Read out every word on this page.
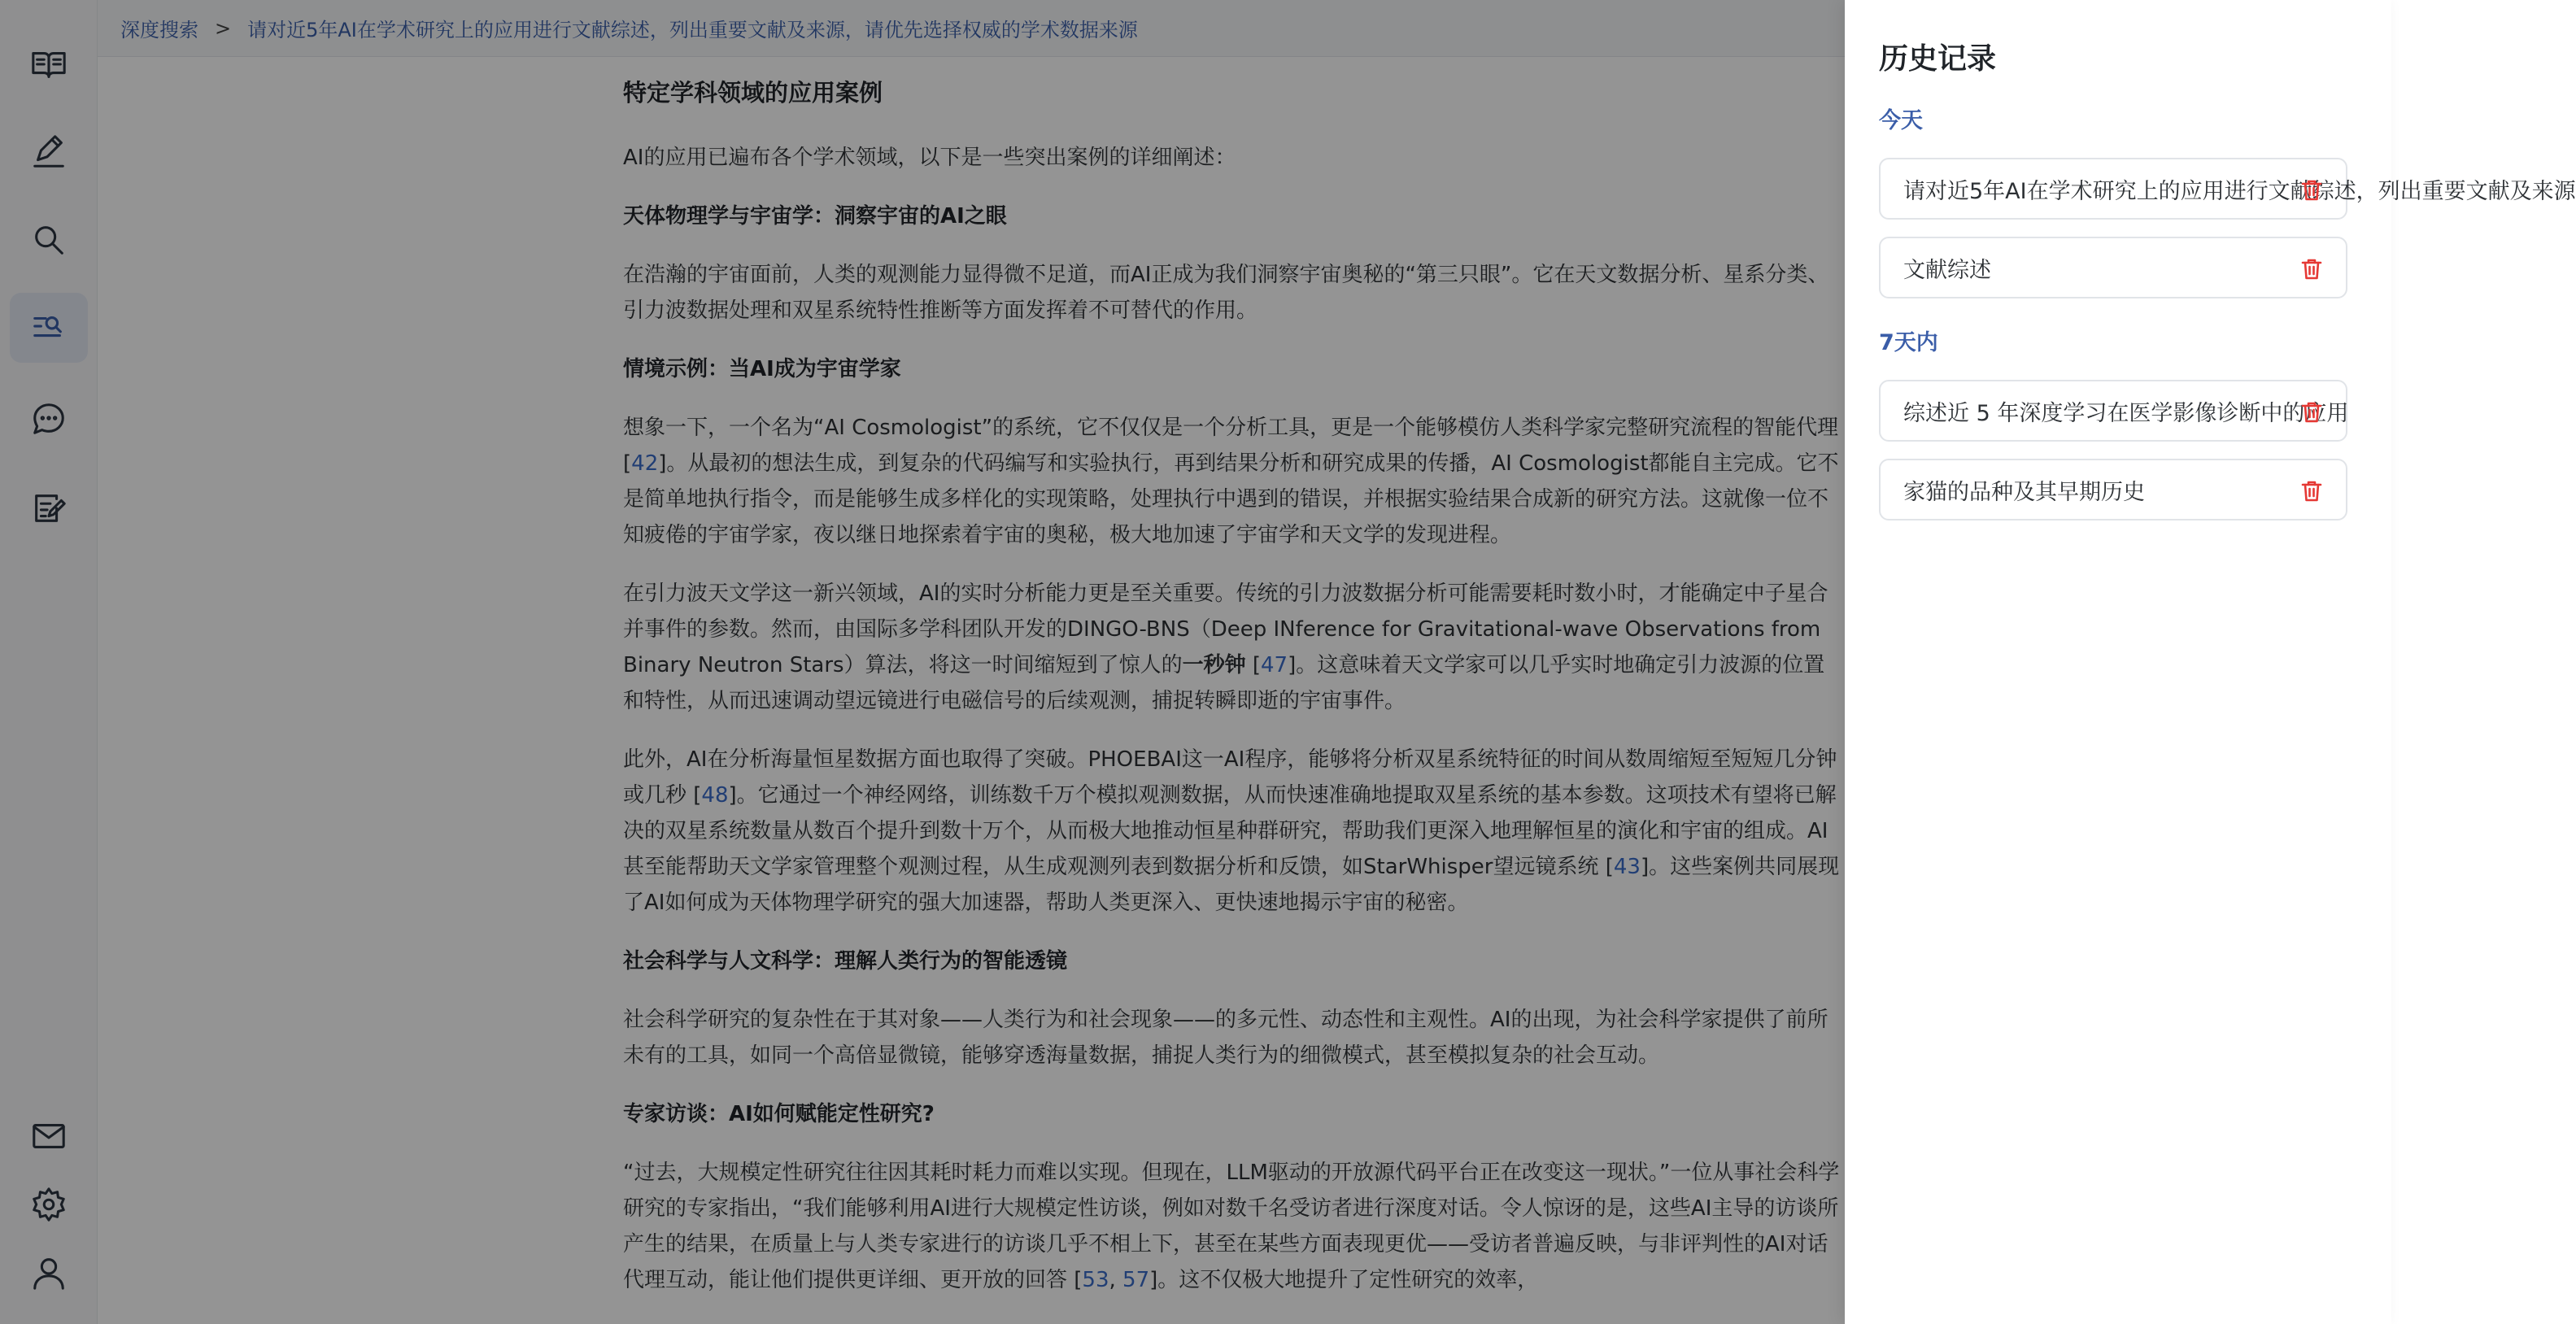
深度搜索 > 请对近5年AI在学术研究上的应用进行文献综述，列出重要文献及来源，请优先选择权威的学术数据来源
特定学科领域的应用案例

AI的应用已遍布各个学术领域，以下是一些突出案例的详细阐述：

天体物理学与宇宙学：洞察宇宙的AI之眼

在浩瀚的宇宙面前，人类的观测能力显得微不足道，而AI正成为我们洞察宇宙奥秘的“第三只眼”。它在天文数据分析、星系分类、引力波数据处理和双星系统特性推断等方面发挥着不可替代的作用。

情境示例：当AI成为宇宙学家

想象一下，一个名为“AI Cosmologist”的系统，它不仅仅是一个分析工具，更是一个能够模仿人类科学家完整研究流程的智能代理 [42]。从最初的想法生成，到复杂的代码编写和实验执行，再到结果分析和研究成果的传播，AI Cosmologist都能自主完成。它不是简单地执行指令，而是能够生成多样化的实现策略，处理执行中遇到的错误，并根据实验结果合成新的研究方法。这就像一位不知疲倦的宇宙学家，夜以继日地探索着宇宙的奥秘，极大地加速了宇宙学和天文学的发现进程。

在引力波天文学这一新兴领域，AI的实时分析能力更是至关重要。传统的引力波数据分析可能需要耗时数小时，才能确定中子星合并事件的参数。然而，由国际多学科团队开发的DINGO-BNS（Deep INference for Gravitational-wave Observations from Binary Neutron Stars）算法，将这一时间缩短到了惊人的一秒钟 [47]。这意味着天文学家可以几乎实时地确定引力波源的位置和特性，从而迅速调动望远镜进行电磁信号的后续观测，捕捉转瞬即逝的宇宙事件。

此外，AI在分析海量恒星数据方面也取得了突破。PHOEBAI这一AI程序，能够将分析双星系统特征的时间从数周缩短至短短几分钟或几秒 [48]。它通过一个神经网络，训练数千万个模拟观测数据，从而快速准确地提取双星系统的基本参数。这项技术有望将已解决的双星系统数量从数百个提升到数十万个，从而极大地推动恒星种群研究，帮助我们更深入地理解恒星的演化和宇宙的组成。AI甚至能帮助天文学家管理整个观测过程，从生成观测列表到数据分析和反馈，如StarWhisper望远镜系统 [43]。这些案例共同展现了AI如何成为天体物理学研究的强大加速器，帮助人类更深入、更快速地揭示宇宙的秘密。

社会科学与人文科学：理解人类行为的智能透镜

社会科学研究的复杂性在于其对象——人类行为和社会现象——的多元性、动态性和主观性。AI的出现，为社会科学家提供了前所未有的工具，如同一个高倍显微镜，能够穿透海量数据，捕捉人类行为的细微模式，甚至模拟复杂的社会互动。

专家访谈：AI如何赋能定性研究?

“过去，大规模定性研究往往因其耗时耗力而难以实现。但现在，LLM驱动的开放源代码平台正在改变这一现状。”一位从事社会科学研究的专家指出，“我们能够利用AI进行大规模定性访谈，例如对数千名受访者进行深度对话。令人惊讶的是，这些AI主导的访谈所产生的结果，在质量上与人类专家进行的访谈几乎不相上下，甚至在某些方面表现更优——受访者普遍反映，与非评判性的AI对话代理互动，能让他们提供更详细、更开放的回答 [53, 57]。这不仅极大地提升了定性研究的效率，

历史记录
今天
请对近5年AI在学术研究上的应用进行文献综述，列出重要文献及来源
文献综述
7天内
综述近 5 年深度学习在医学影像诊断中的应用
家猫的品种及其早期历史
